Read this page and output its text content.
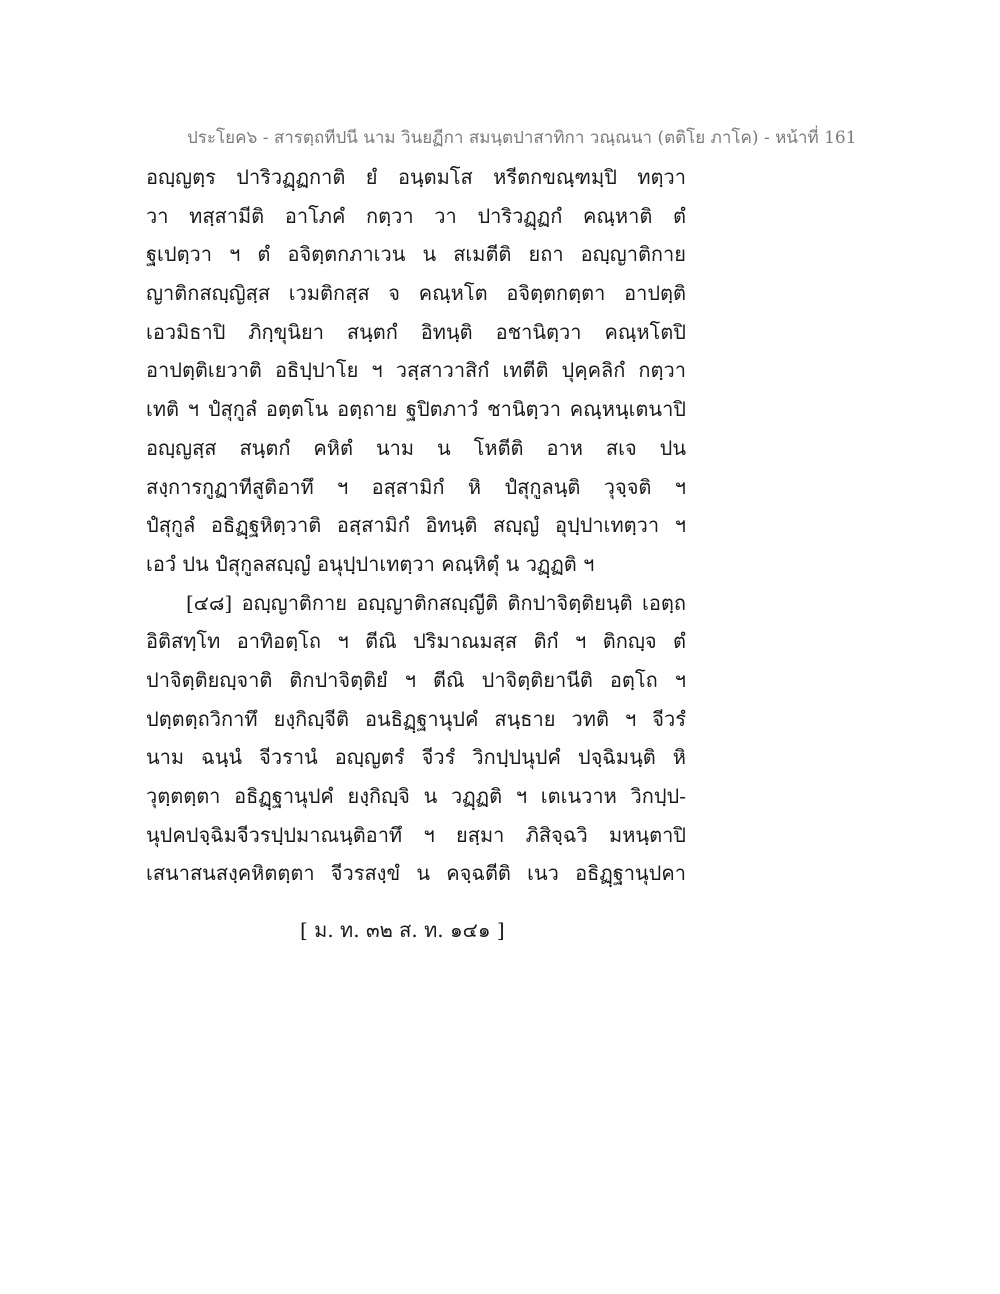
ประโยค๖ - สารตฺถทีปนี นาม วินยฏีกา สมนฺตปาสาทิกา วณฺณนา (ตติโย ภาโค) - หน้าที่ 161
อญฺญตฺร ปาริวฏฺฏกาติ ยํ อนฺตมโส หรีตกขณฺฑมฺปิ ทตฺวา
วา ทสฺสามีติ อาโภคํ กตฺวา วา ปาริวฏฺฏกํ คณฺหาติ ตํ
ฐเปตฺวา ฯ ตํ อจิตฺตกภาเวน น สเมตีติ ยถา อญฺญาติกาย
ญาติกสญฺญิสฺส เวมติกสฺส จ คณฺหโต อจิตฺตกตฺตา อาปตฺติ
เอวมิธาปิ ภิกฺขุนิยา สนฺตกํ อิทนฺติ อชานิตฺวา คณฺหโตปิ
อาปตฺติเยวาติ อธิปฺปาโย ฯ วสฺสาวาสิกํ เทตีติ ปุคฺคลิกํ กตฺวา
เทติ ฯ ปํสุกูลํ อตฺตโน อตฺถาย ฐปิตภาวํ ชานิตฺวา คณฺหนฺเตนาปิ
อญฺญสฺส สนฺตกํ คหิตํ นาม น โหตีติ อาห สเจ ปน
สงฺการกูฏาทีสูติอาทึ ฯ อสฺสามิกํ หิ ปํสุกูลนฺติ วุจฺจติ ฯ
ปํสุกูลํ อธิฏฺฐหิตฺวาติ อสฺสามิกํ อิทนฺติ สญฺญํ อุปฺปาเทตฺวา ฯ
เอวํ ปน ปํสุกูลสญฺญํ อนุปฺปาเทตฺวา คณฺหิตุํ น วฏฺฏติ ฯ
[๔๘] อญฺญาติกาย อญฺญาติกสญฺญีติ ติกปาจิตฺติยนฺติ เอตฺถ
อิติสทฺโท อาทิอตฺโถ ฯ ตีณิ ปริมาณมสฺส ติกํ ฯ ติกญฺจ ตํ
ปาจิตฺติยญฺจาติ ติกปาจิตฺติยํ ฯ ตีณิ ปาจิตฺติยานีติ อตฺโถ ฯ
ปตฺตตฺถวิกาทึ ยงฺกิญฺจีติ อนธิฏฺฐานุปคํ สนฺธาย วทติ ฯ จีวรํ
นาม ฉนฺนํ จีวรานํ อญฺญตรํ จีวรํ วิกปฺปนุปคํ ปจฺฉิมนฺติ หิ
วุตฺตตฺตา อธิฏฺฐานุปคํ ยงฺกิญฺจิ น วฏฺฏติ ฯ เตเนวาห วิกปฺป-
นุปคปจฺฉิมจีวรปฺปมาณนฺติอาทึ ฯ ยสฺมา ภิสิจฺฉวิ มหนฺตาปิ
เสนาสนสงฺคหิตตฺตา จีวรสงฺขํ น คจฺฉตีติ เนว อธิฏฺฐานุปคา
[ ม. ท. ๓๒ ส. ท. ๑๔๑ ]
